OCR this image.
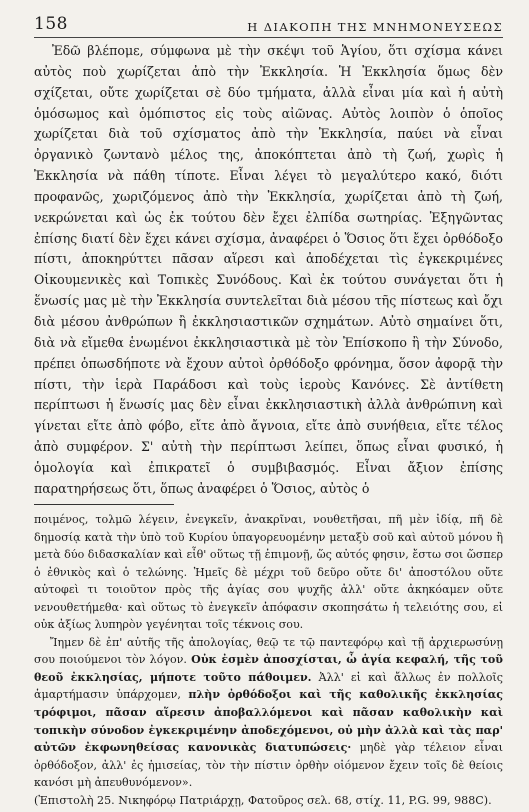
158	Η ΔΙΑΚΟΠΗ ΤΗΣ ΜΝΗΜΟΝΕΥΣΕΩΣ

Ἐδῶ βλέπομε, σύμφωνα μὲ τὴν σκέψι τοῦ Ἁγίου, ὅτι σχίσμα κάνει αὐτὸς ποὺ χωρίζεται ἀπὸ τὴν Ἐκκλησία. Ἡ Ἐκκλησία ὅμως δὲν σχίζεται, οὔτε χωρίζεται σὲ δύο τμήματα, ἀλλὰ εἶναι μία καὶ ἡ αὐτὴ ὁμόσωμος καὶ ὁμόπιστος εἰς τοὺς αἰῶνας. Αὐτὸς λοιπὸν ὁ ὁποῖος χωρίζεται διὰ τοῦ σχίσματος ἀπὸ τὴν Ἐκκλησία, παύει νὰ εἶναι ὀργανικὸ ζωντανὸ μέλος της, ἀποκόπτεται ἀπὸ τὴ ζωή, χωρὶς ἡ Ἐκκλησία νὰ πάθη τίποτε. Εἶναι λέγει τὸ μεγαλύτερο κακό, διότι προφανῶς, χωριζόμενος ἀπὸ τὴν Ἐκκλησία, χωρίζεται ἀπὸ τὴ ζωή, νεκρώνεται καὶ ὡς ἐκ τούτου δὲν ἔχει ἐλπίδα σωτηρίας. Ἐξηγῶντας ἐπίσης διατί δὲν ἔχει κάνει σχίσμα, ἀναφέρει ὁ Ὅσιος ὅτι ἔχει ὀρθόδοξο πίστι, ἀποκηρύττει πᾶσαν αἵρεσι καὶ ἀποδέχεται τὶς ἐγκεκριμένες Οἰκουμενικὲς καὶ Τοπικὲς Συνόδους. Καὶ ἐκ τούτου συνάγεται ὅτι ἡ ἕνωσίς μας μὲ τὴν Ἐκκλησία συντελεῖται διὰ μέσου τῆς πίστεως καὶ ὄχι διὰ μέσου ἀνθρώπων ἢ ἐκκλησιαστικῶν σχημάτων. Αὐτὸ σημαίνει ὅτι, διὰ νὰ εἴμεθα ἑνωμένοι ἐκκλησιαστικὰ μὲ τὸν Ἐπίσκοπο ἢ τὴν Σύνοδο, πρέπει ὁπωσδήποτε νὰ ἔχουν αὐτοὶ ὀρθόδοξο φρόνημα, ὅσον ἀφορᾷ τὴν πίστι, τὴν ἱερὰ Παράδοσι καὶ τοὺς ἱεροὺς Κανόνες. Σὲ ἀντίθετη περίπτωσι ἡ ἕνωσίς μας δὲν εἶναι ἐκκλησιαστικὴ ἀλλὰ ἀνθρώπινη καὶ γίνεται εἴτε ἀπὸ φόβο, εἴτε ἀπὸ ἄγνοια, εἴτε ἀπὸ συνήθεια, εἴτε τέλος ἀπὸ συμφέρον. Σ' αὐτὴ τὴν περίπτωσι λείπει, ὅπως εἶναι φυσικό, ἡ ὁμολογία καὶ ἐπικρατεῖ ὁ συμβιβασμός. Εἶναι ἄξιον ἐπίσης παρατηρήσεως ὅτι, ὅπως ἀναφέρει ὁ Ὅσιος, αὐτὸς ὁ

ποιμένος, τολμῶ λέγειν, ἐνεγκεῖν, ἀνακρῖναι, νουθετῆσαι, πῆ μὲν ἰδίᾳ, πῆ δὲ δημοσίᾳ κατὰ τὴν ὑπὸ τοῦ Κυρίου ὑπαγορευομένην μεταξὺ σοῦ καὶ αὐτοῦ μόνου ἢ μετὰ δύο διδασκαλίαν καὶ εἶθ' οὕτως τῇ ἐπιμονῇ, ὥς αὐτός φησιν, ἔστω σοι ὥσπερ ὁ ἐθνικὸς καὶ ὁ τελώνης. Ἡμεῖς δὲ μέχρι τοῦ δεῦρο οὔτε δι' ἀποστόλου οὔτε αὐτοφεὶ τι τοιοῦτον πρὸς τῆς ἁγίας σου ψυχῆς ἀλλ' οὔτε ἀκηκόαμεν οὔτε νενουθετήμεθα· καὶ οὕτως τὸ ἐνεγκεῖν ἀπόφασιν σκοπησάτω ἡ τελειότης σου, εἰ οὐκ ἀξίως λυπηρὸν γεγένηται τοῖς τέκνοις σου.

Ἴημεν δὲ ἐπ' αὐτῆς τῆς ἀπολογίας, θεῷ τε τῷ παντεφόρῳ καὶ τῇ ἀρχιερωσύνῃ σου ποιούμενοι τὸν λόγον. Οὐκ ἐσμὲν ἀποσχίσται, ὦ ἁγία κεφαλή, τῆς τοῦ θεοῦ ἐκκλησίας, μήποτε τοῦτο πάθοιμεν. Ἀλλ' εἰ καὶ ἄλλως ἐν πολλοῖς ἁμαρτήμασιν ὑπάρχομεν, πλὴν ὀρθόδοξοι καὶ τῆς καθολικῆς ἐκκλησίας τρόφιμοι, πᾶσαν αἵρεσιν ἀποβαλλόμενοι καὶ πᾶσαν καθολικὴν καὶ τοπικὴν σύνοδον ἐγκεκριμένην ἀποδεχόμενοι, οὐ μὴν ἀλλὰ καὶ τὰς παρ' αὐτῶν ἐκφωνηθείσας κανονικὰς διατυπώσεις· μηδὲ γὰρ τέλειον εἶναι ὀρθόδοξον, ἀλλ' ἐς ἡμισείας, τὸν τὴν πίστιν ὀρθὴν οἰόμενον ἔχειν τοῖς δὲ θείοις κανόσι μὴ ἀπευθυνόμενον».

(Ἐπιστολὴ 25. Νικηφόρῳ Πατριάρχῃ, Φατοῦρος σελ. 68, στίχ. 11, P.G. 99, 988C).
